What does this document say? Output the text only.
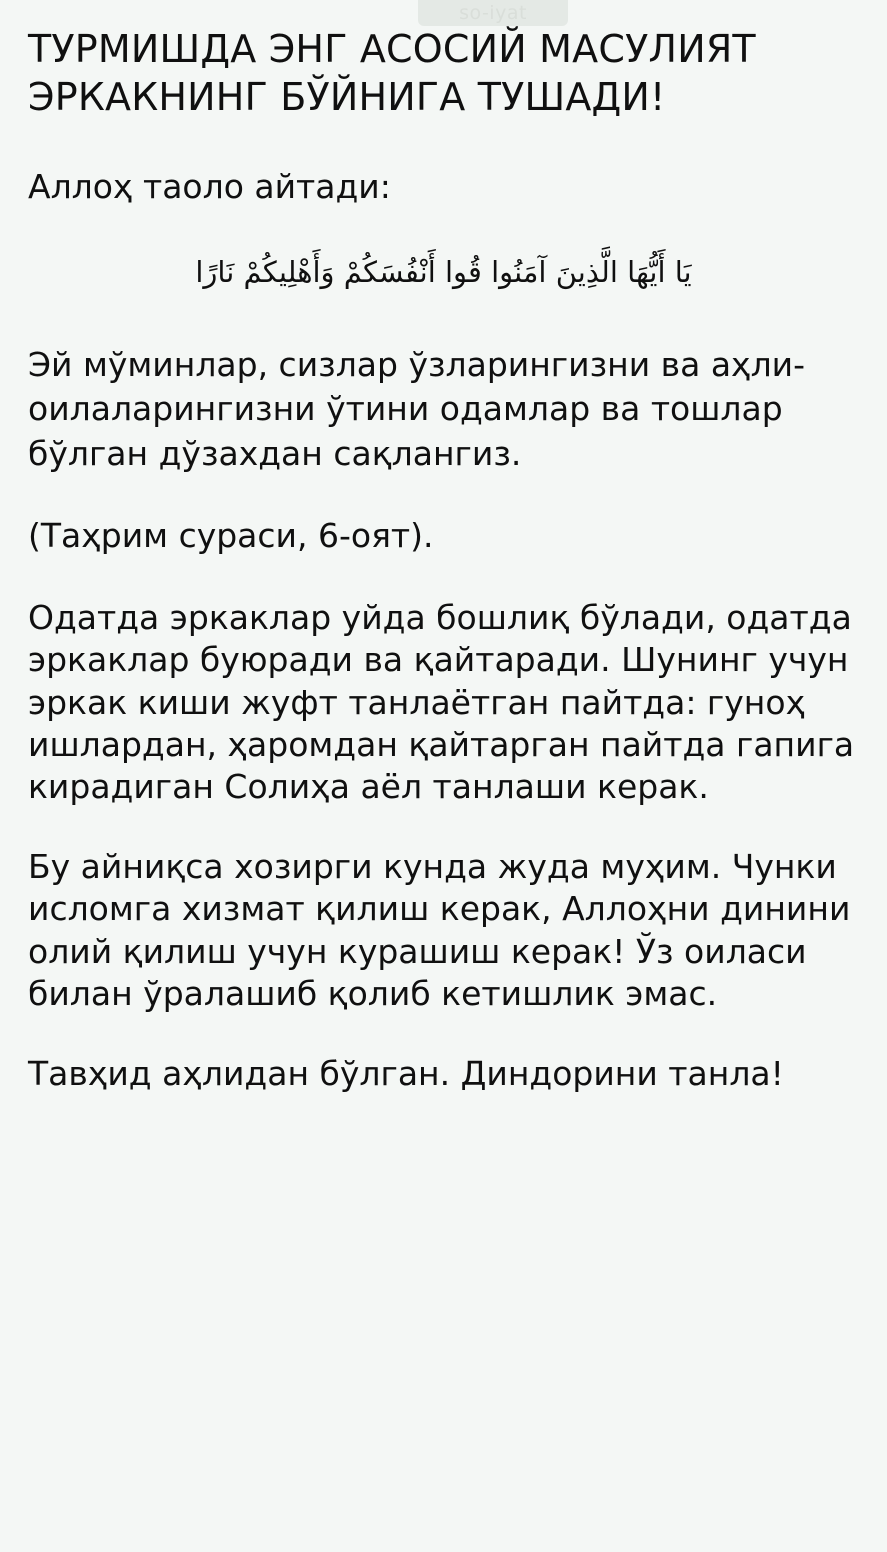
so-iyat
ТУРМИШДА ЭНГ АСОСИЙ МАСУЛИЯТ ЭРКАКНИНГ БЎЙНИГА ТУШАДИ!

Аллоҳ таоло айтади:

يَا أَيُّهَا الَّذِينَ آمَنُوا قُوا أَنْفُسَكُمْ وَأَهْلِيكُمْ نَارًا

Эй мўминлар, сизлар ўзларингизни ва аҳли-оилаларингизни ўтини одамлар ва тошлар бўлган дўзахдан сақлангиз.

(Таҳрим сураси, 6-оят).

Одатда эркаклар уйда бошлиқ бўлади, одатда эркаклар буюради ва қайтаради. Шунинг учун эркак киши жуфт танлаётган пайтда: гуноҳ ишлардан, ҳаромдан қайтарган пайтда гапига кирадиган Солиҳа аёл танлаши керак.

Бу айниқса хозирги кунда жуда муҳим. Чунки исломга хизмат қилиш керак, Аллоҳни динини олий қилиш учун курашиш керак! Ўз оиласи билан ўралашиб қолиб кетишлик эмас.

Тавҳид аҳлидан бўлган. Диндорини танла!
